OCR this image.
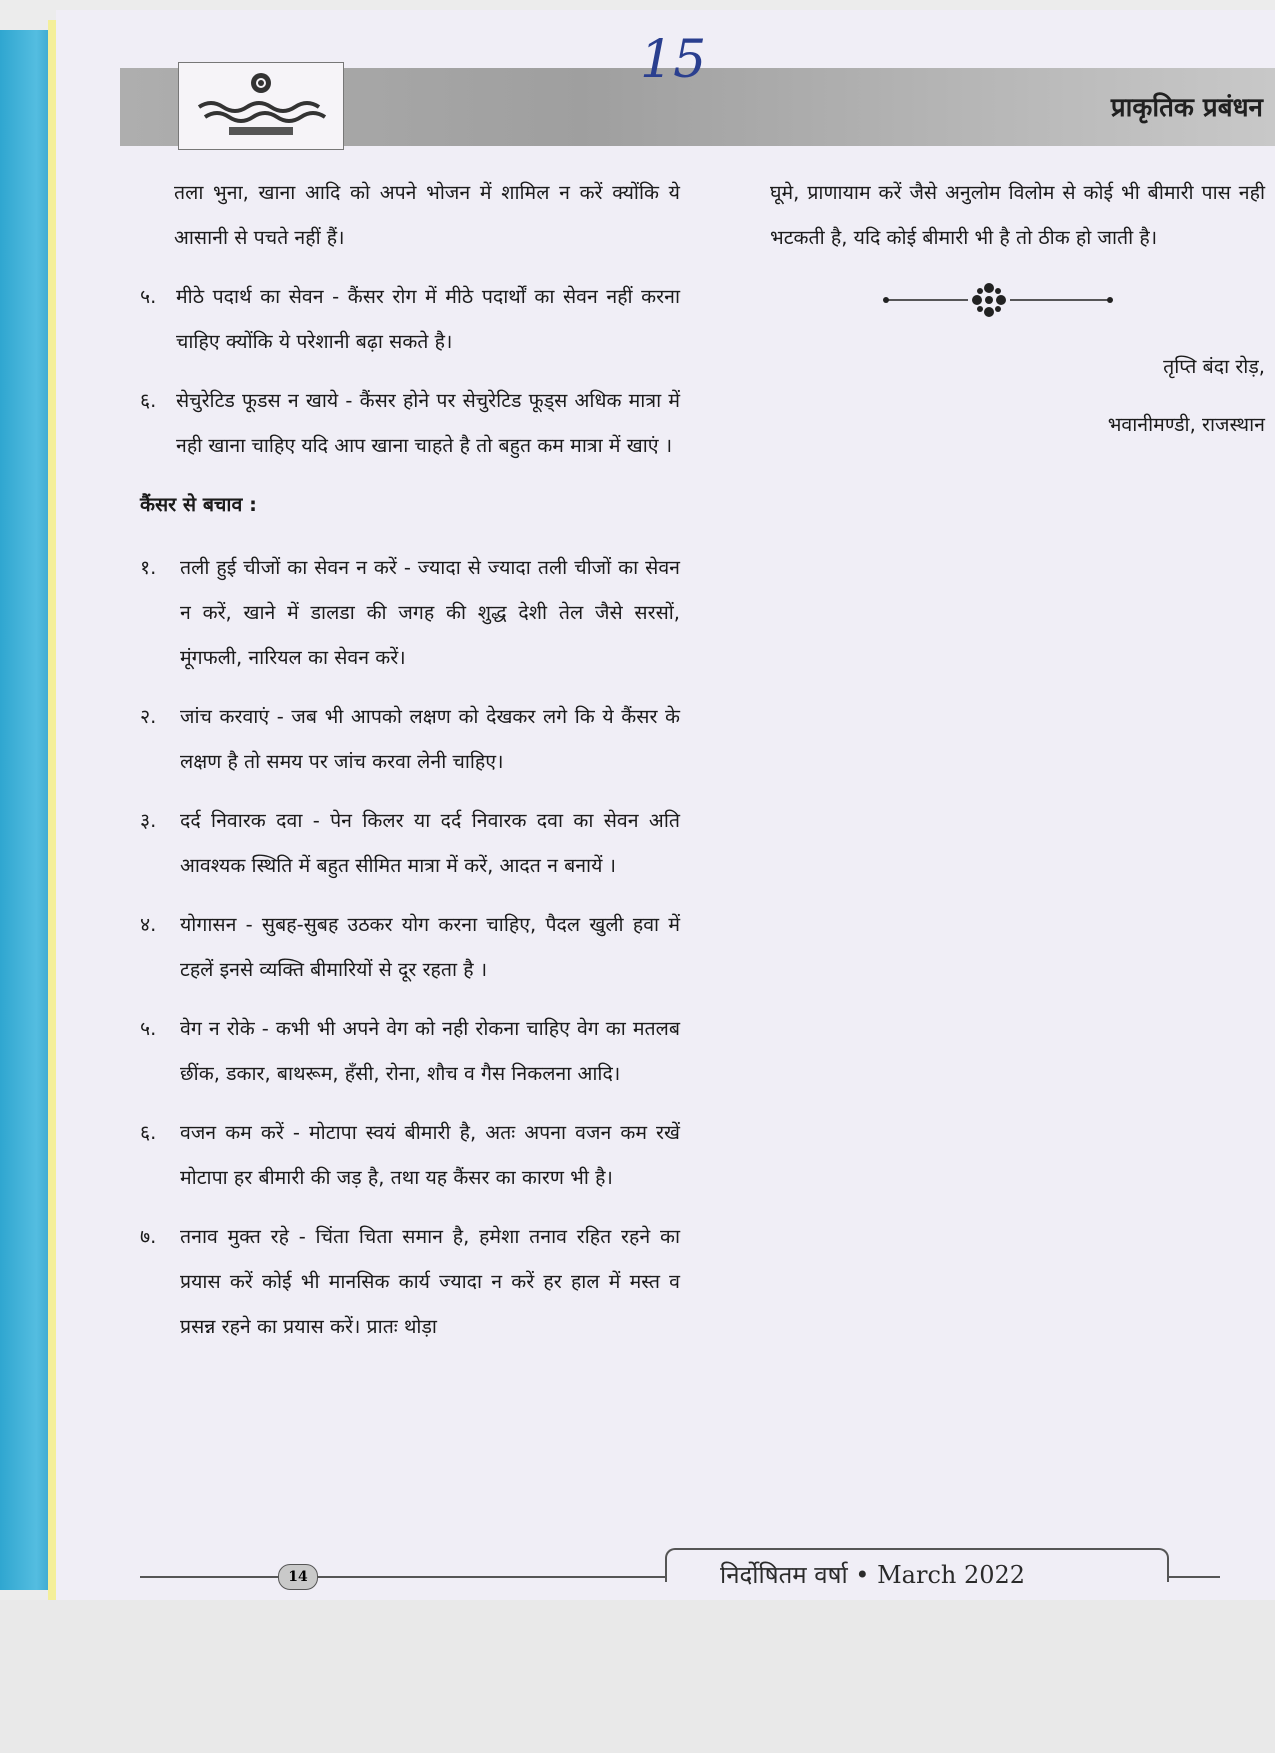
प्राकृतिक प्रबंधन
15

तला भुना, खाना आदि को अपने भोजन में शामिल न करें क्योंकि ये आसानी से पचते नहीं हैं।

५.	मीठे पदार्थ का सेवन - कैंसर रोग में मीठे पदार्थों का सेवन नहीं करना चाहिए क्योंकि ये परेशानी बढ़ा सकते है।
६.	सेचुरेटिड फूडस न खाये - कैंसर होने पर सेचुरेटिड फूड्स अधिक मात्रा में नही खाना चाहिए यदि आप खाना चाहते है तो बहुत कम मात्रा में खाएं ।
कैंसर से बचाव :
१.	तली हुई चीजों का सेवन न करें - ज्यादा से ज्यादा तली चीजों का सेवन न करें, खाने में डालडा की जगह की शुद्ध देशी तेल जैसे सरसों, मूंगफली, नारियल का सेवन करें।
२.	जांच करवाएं - जब भी आपको लक्षण को देखकर लगे कि ये कैंसर के लक्षण है तो समय पर जांच करवा लेनी चाहिए।
३.	दर्द निवारक दवा - पेन किलर या दर्द निवारक दवा का सेवन अति आवश्यक स्थिति में बहुत सीमित मात्रा में करें, आदत न बनायें ।
४.	योगासन - सुबह-सुबह उठकर योग करना चाहिए, पैदल खुली हवा में टहलें इनसे व्यक्ति बीमारियों से दूर रहता है ।
५.	वेग न रोके - कभी भी अपने वेग को नही रोकना चाहिए वेग का मतलब छींक, डकार, बाथरूम, हँसी, रोना, शौच व गैस निकलना आदि।
६.	वजन कम करें - मोटापा स्वयं बीमारी है, अतः अपना वजन कम रखें मोटापा हर बीमारी की जड़ है, तथा यह कैंसर का कारण भी है।
७.	तनाव मुक्त रहे - चिंता चिता समान है, हमेशा तनाव रहित रहने का प्रयास करें कोई भी मानसिक कार्य ज्यादा न करें हर हाल में मस्त व प्रसन्न रहने का प्रयास करें। प्रातः थोड़ा

घूमे, प्राणायाम करें जैसे अनुलोम विलोम से कोई भी बीमारी पास नही भटकती है, यदि कोई बीमारी भी है तो ठीक हो जाती है।

तृप्ति बंदा रोड़,

भवानीमण्डी, राजस्थान

14	निर्दोषितम वर्षा • March 2022
